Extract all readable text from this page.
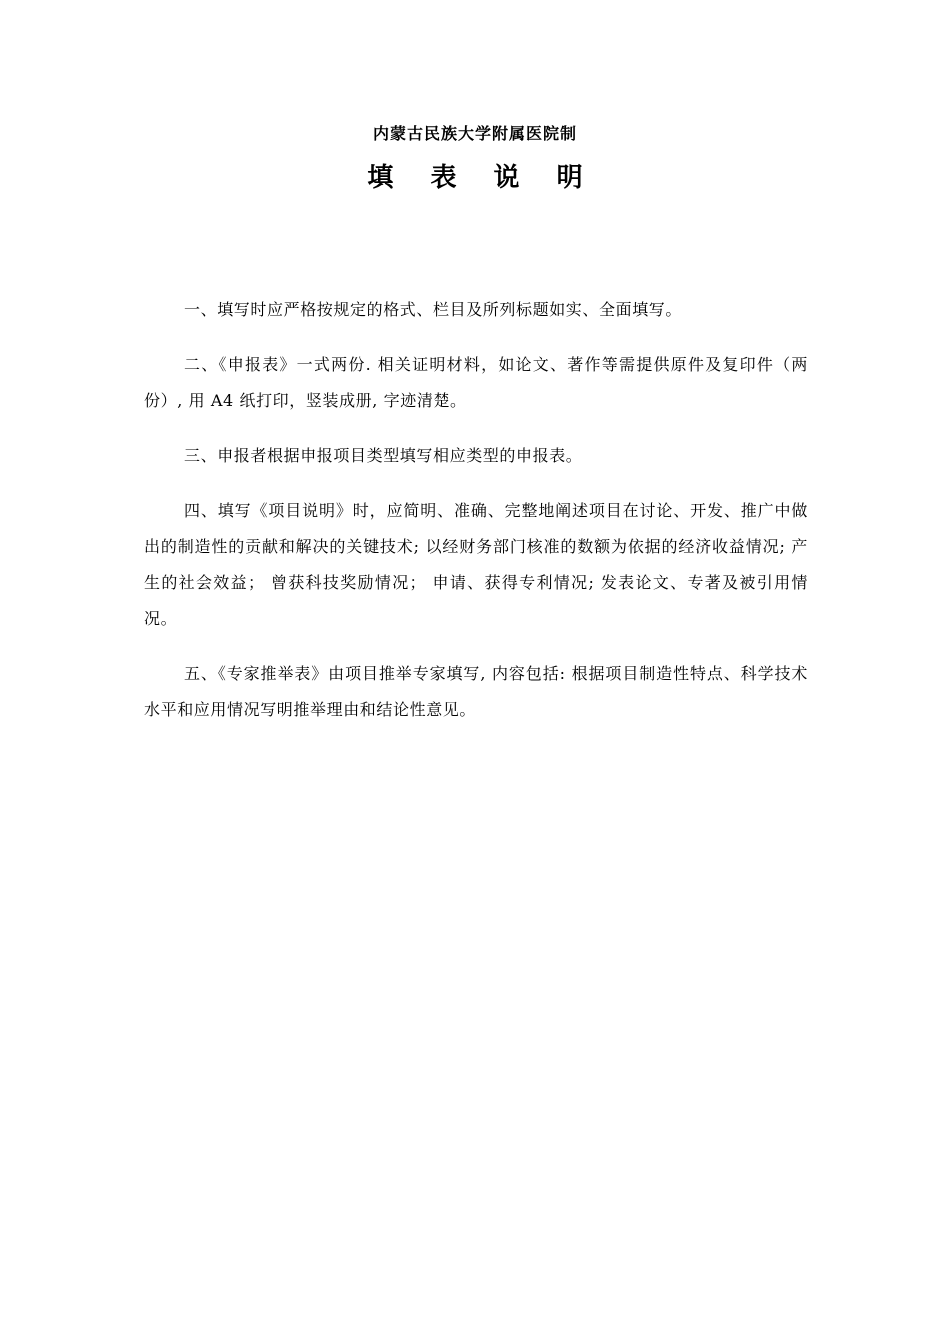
内蒙古民族大学附属医院制
填 表 说 明

一、填写时应严格按规定的格式、栏目及所列标题如实、全面填写。

二、《申报表》一式两份. 相关证明材料，如论文、著作等需提供原件及复印件（两份）, 用 A4 纸打印，竖装成册, 字迹清楚。

三、申报者根据申报项目类型填写相应类型的申报表。

四、填写《项目说明》时，应简明、准确、完整地阐述项目在讨论、开发、推广中做出的制造性的贡献和解决的关键技术; 以经财务部门核准的数额为依据的经济收益情况; 产生的社会效益； 曾获科技奖励情况； 申请、获得专利情况; 发表论文、专著及被引用情况。

五、《专家推举表》由项目推举专家填写, 内容包括: 根据项目制造性特点、科学技术水平和应用情况写明推举理由和结论性意见。
